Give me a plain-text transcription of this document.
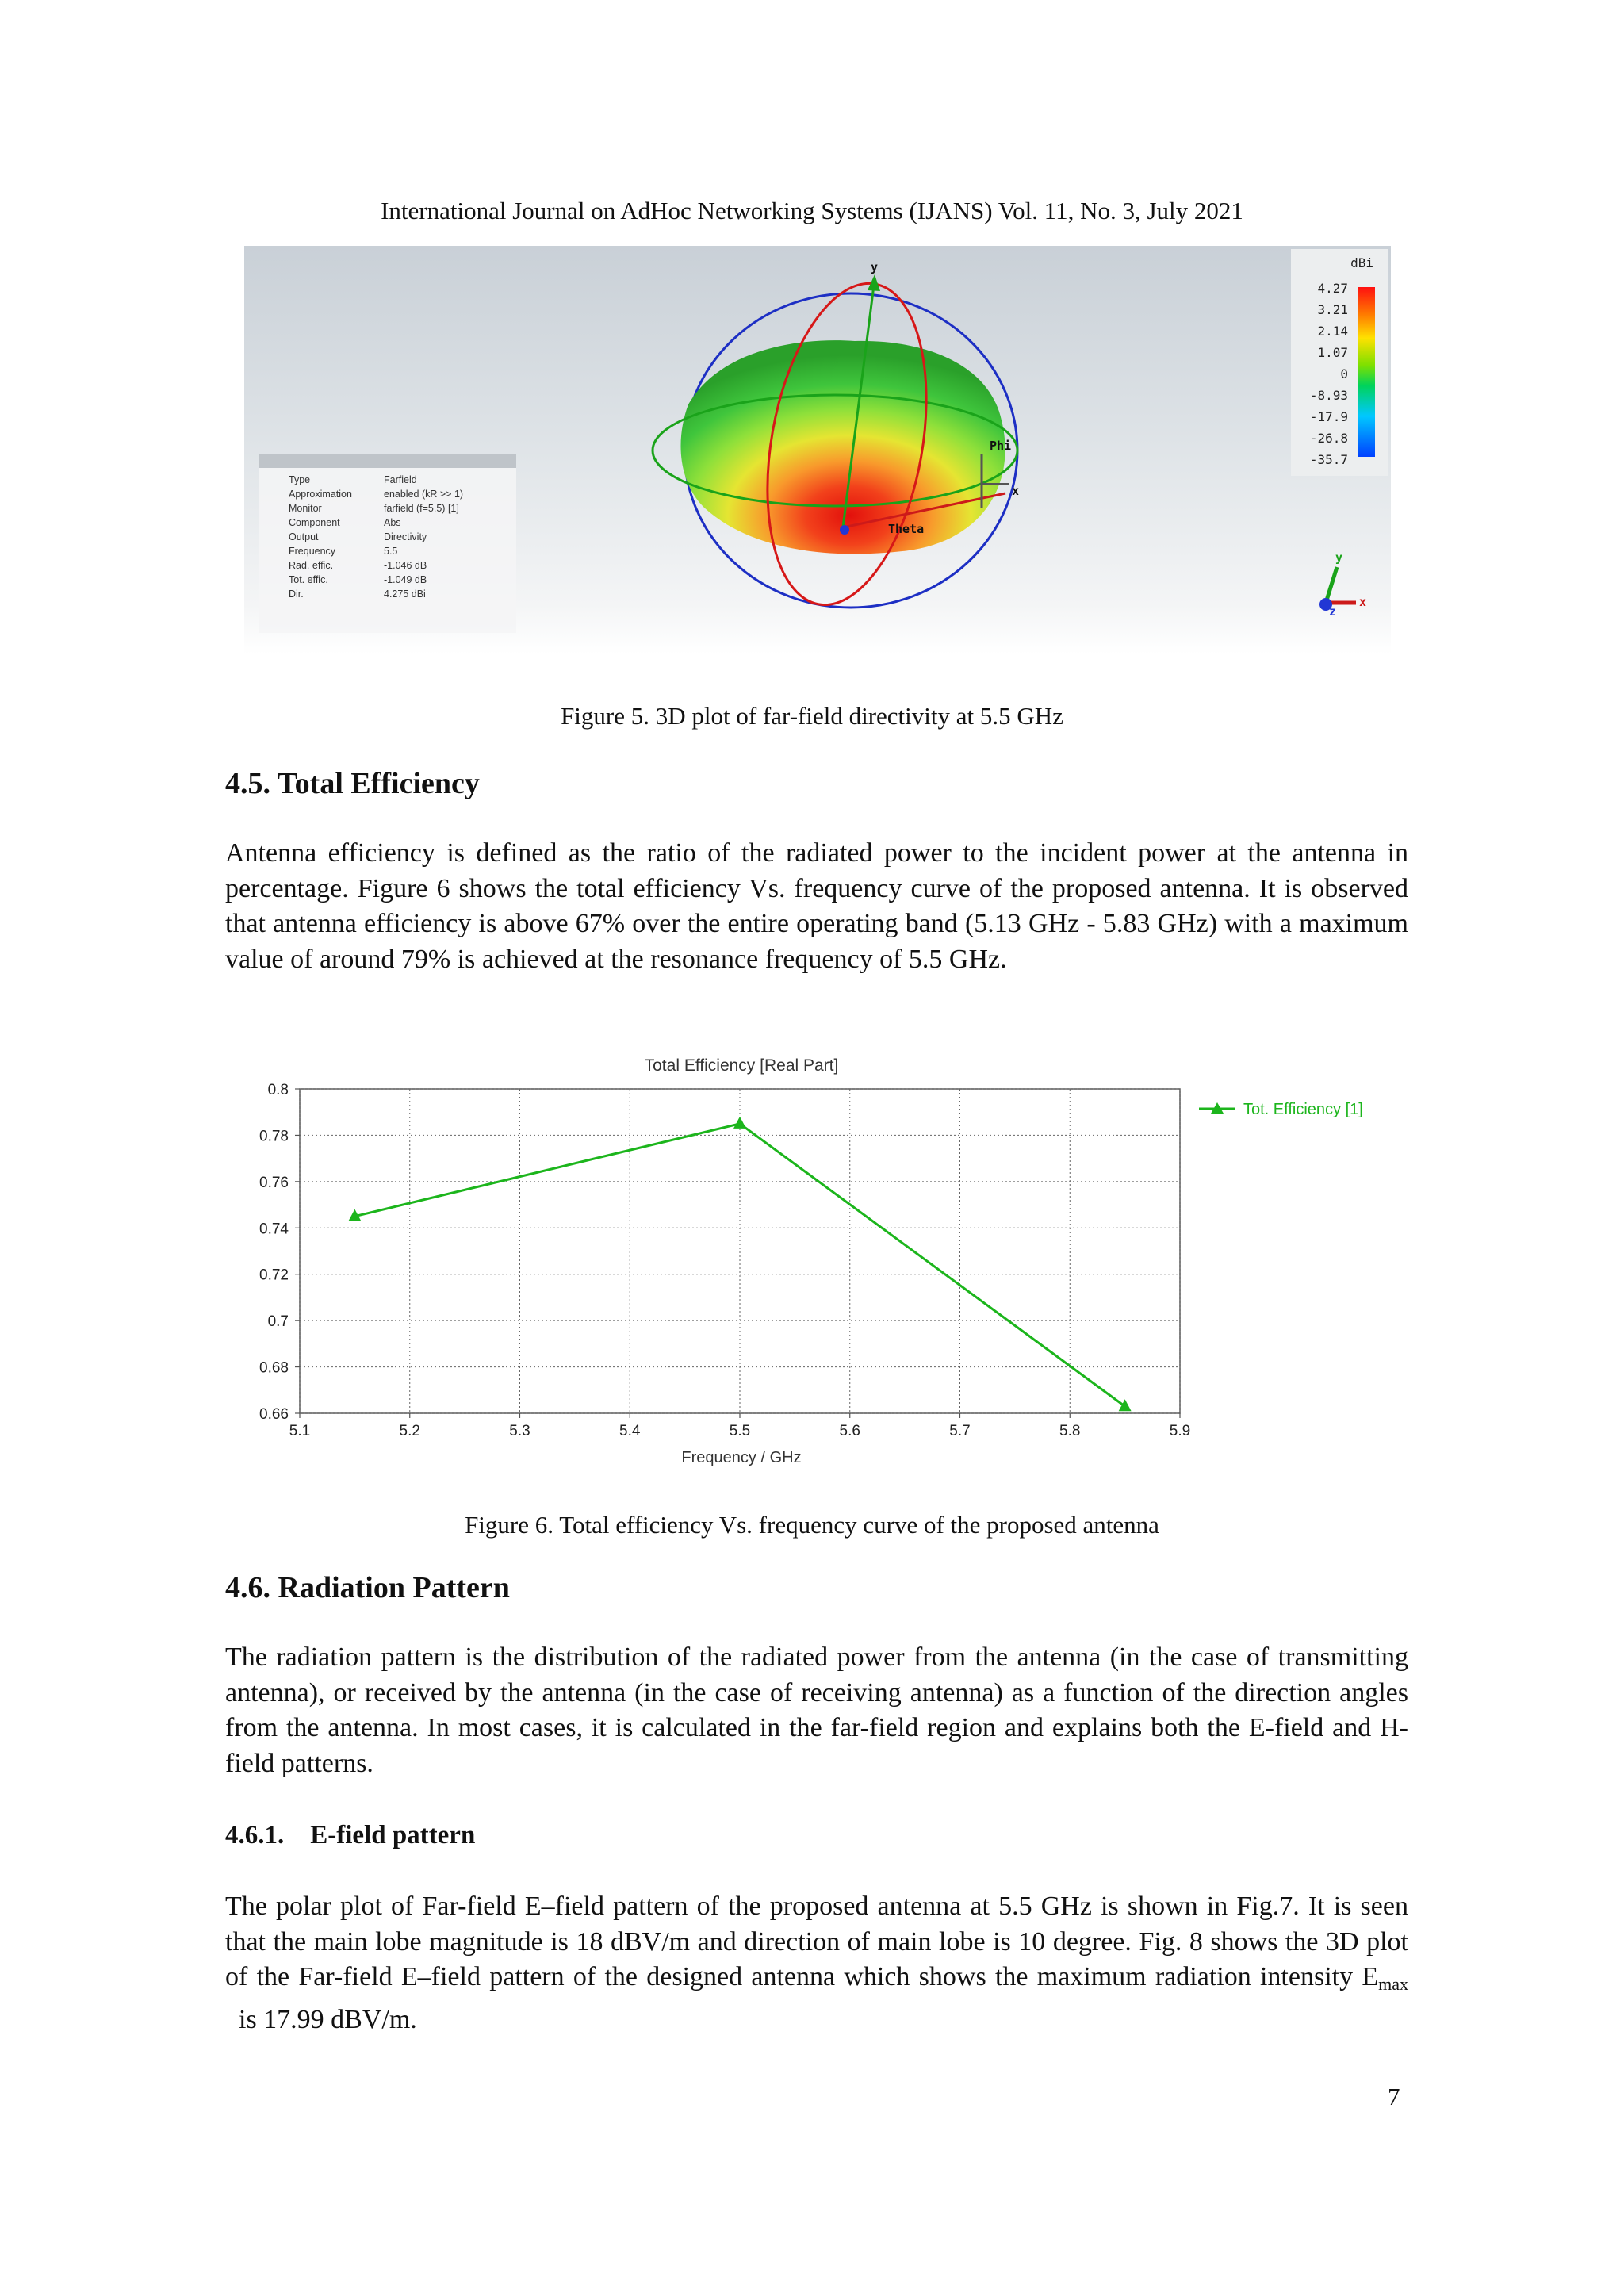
International Journal on AdHoc Networking Systems (IJANS) Vol. 11, No. 3, July 2021
y
x
Phi
Theta
z
x
y
Type	Farfield
Approximation	enabled (kR >> 1)
Monitor	farfield (f=5.5) [1]
Component	Abs
Output	Directivity
Frequency	5.5
Rad. effic.	-1.046 dB
Tot. effic.	-1.049 dB
Dir.	4.275 dBi
dBi
4.27
3.21
2.14
1.07
0
-8.93
-17.9
-26.8
-35.7
Figure 5. 3D plot of far-field directivity at 5.5 GHz
4.5. Total Efficiency
Antenna efficiency is defined as the ratio of the radiated power to the incident power at the antenna in percentage. Figure 6 shows the total efficiency Vs. frequency curve of the proposed antenna. It is observed that antenna efficiency is above 67% over the entire operating band (5.13 GHz - 5.83 GHz) with a maximum value of around 79% is achieved at the resonance frequency of 5.5 GHz.
Total Efficiency [Real Part]
5.1	5.2	5.3	5.4	5.5	5.6	5.7	5.8	5.9
0.8
0.78
0.76
0.74
0.72
0.7
0.68
0.66
Tot. Efficiency [1]
Frequency / GHz
Figure 6. Total efficiency Vs. frequency curve of the proposed antenna
4.6. Radiation Pattern
The radiation pattern is the distribution of the radiated power from the antenna (in the case of transmitting antenna), or received by the antenna (in the case of receiving antenna) as a function of the direction angles from the antenna. In most cases, it is calculated in the far-field region and explains both the E-field and H-field patterns.
4.6.1.    E-field pattern
The polar plot of Far-field E–field pattern of the proposed antenna at 5.5 GHz is shown in Fig.7. It is seen that the main lobe magnitude is 18 dBV/m and direction of main lobe is 10 degree. Fig. 8 shows the 3D plot of the Far-field E–field pattern of the designed antenna which shows the maximum radiation intensity $E_{max}$  is 17.99 dBV/m.
7
